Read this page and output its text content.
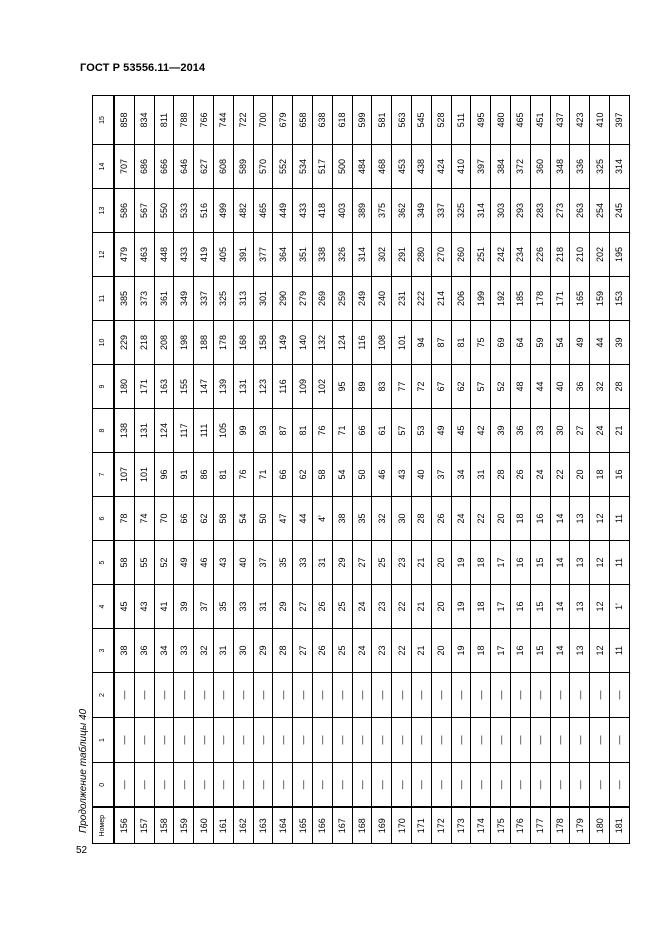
ГОСТ Р 53556.11—2014
Продолжение таблицы 40 Номер	0	1	2	3	4	5	6	7	8	9	10	11	12	13	14	15
156	—	—	—	38	45	58	78	107	138	180	229	385	479	586	707	858
157	—	—	—	36	43	55	74	101	131	171	218	373	463	567	686	834
158	—	—	—	34	41	52	70	96	124	163	208	361	448	550	666	811
159	—	—	—	33	39	49	66	91	117	155	198	349	433	533	646	788
160	—	—	—	32	37	46	62	86	111	147	188	337	419	516	627	766
161	—	—	—	31	35	43	58	81	105	139	178	325	405	499	608	744
162	—	—	—	30	33	40	54	76	99	131	168	313	391	482	589	722
163	—	—	—	29	31	37	50	71	93	123	158	301	377	465	570	700
164	—	—	—	28	29	35	47	66	87	116	149	290	364	449	552	679
165	—	—	—	27	27	33	44	62	81	109	140	279	351	433	534	658
166	—	—	—	26	26	31	4'	58	76	102	132	269	338	418	517	638
167	—	—	—	25	25	29	38	54	71	95	124	259	326	403	500	618
168	—	—	—	24	24	27	35	50	66	89	116	249	314	389	484	599
169	—	—	—	23	23	25	32	46	61	83	108	240	302	375	468	581
170	—	—	—	22	22	23	30	43	57	77	101	231	291	362	453	563
171	—	—	—	21	21	21	28	40	53	72	94	222	280	349	438	545
172	—	—	—	20	20	20	26	37	49	67	87	214	270	337	424	528
173	—	—	—	19	19	19	24	34	45	62	81	206	260	325	410	511
174	—	—	—	18	18	18	22	31	42	57	75	199	251	314	397	495
175	—	—	—	17	17	17	20	28	39	52	69	192	242	303	384	480
176	—	—	—	16	16	16	18	26	36	48	64	185	234	293	372	465
177	—	—	—	15	15	15	16	24	33	44	59	178	226	283	360	451
178	—	—	—	14	14	14	14	22	30	40	54	171	218	273	348	437
179	—	—	—	13	13	13	13	20	27	36	49	165	210	263	336	423
180	—	—	—	12	12	12	12	18	24	32	44	159	202	254	325	410
181	—	—	—	11	1'	11	11	16	21	28	39	153	195	245	314	397
52
